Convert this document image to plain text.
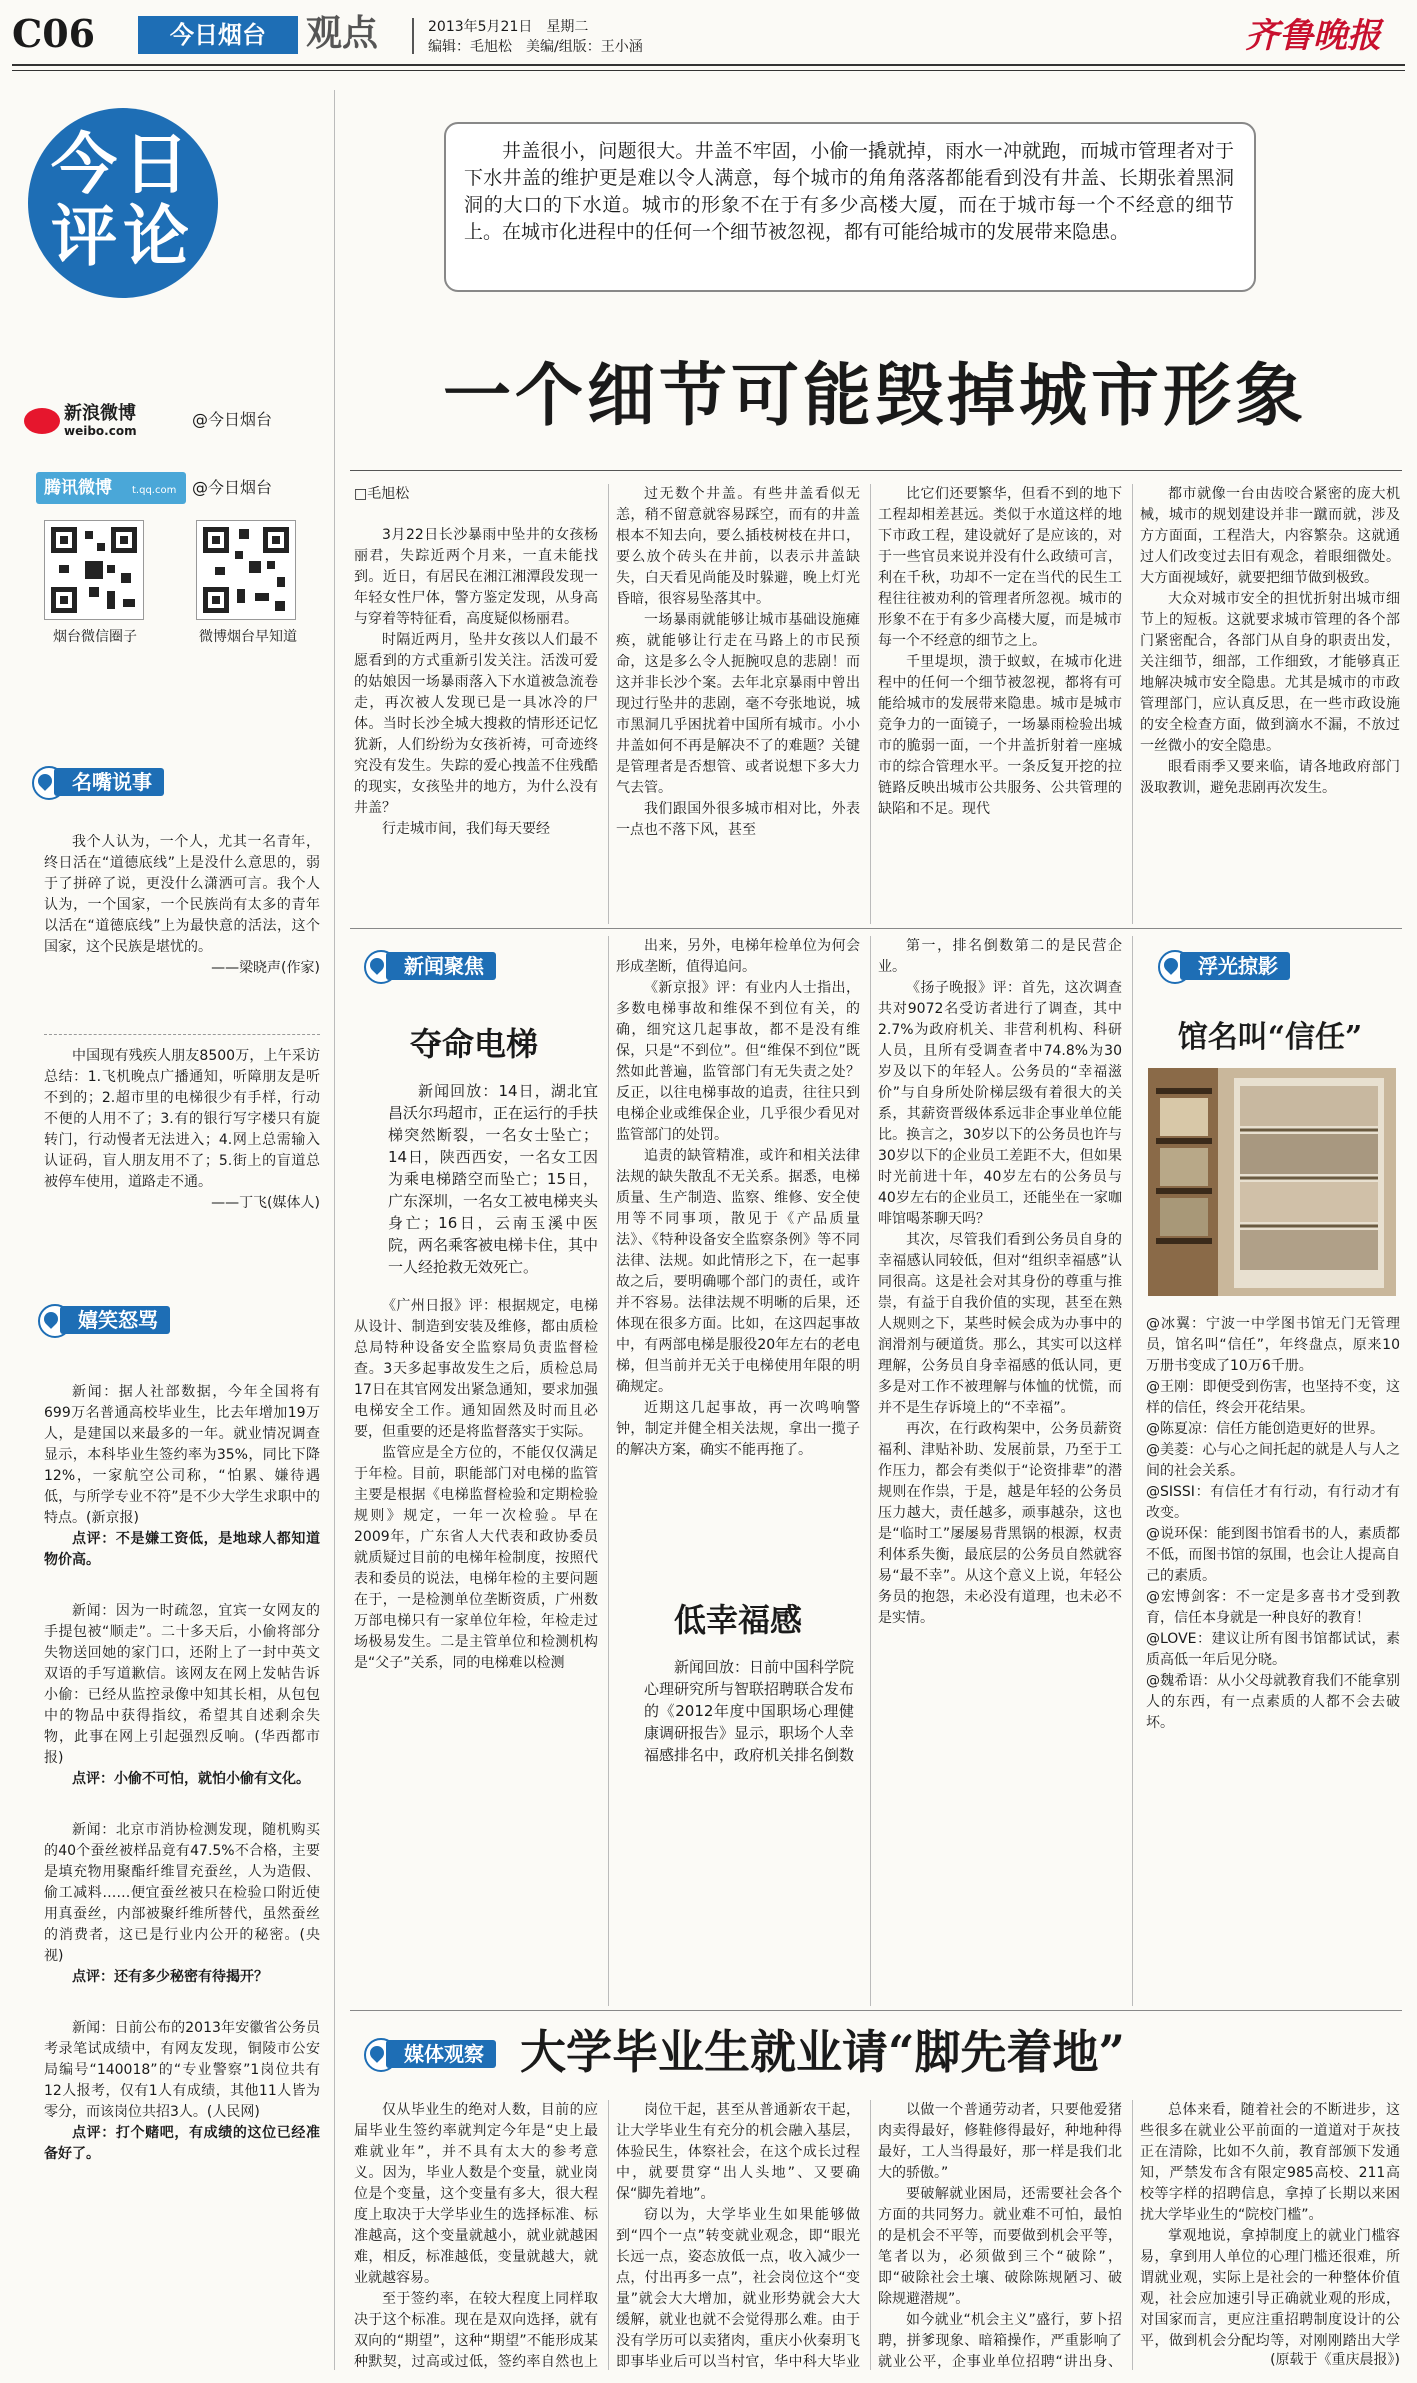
C06	今日烟台	观点	2013年5月21日　星期二
编辑：毛旭松　美编/组版：王小涵	齐鲁晚报
今日评论
新浪微博
weibo.com
@今日烟台
腾讯微博 t.qq.com @今日烟台
烟台微信圈子	微博烟台早知道
名嘴说事

我个人认为，一个人，尤其一名青年，终日活在“道德底线”上是没什么意思的，弱于了拼碎了说，更没什么潇洒可言。我个人认为，一个国家，一个民族尚有太多的青年以活在“道德底线”上为最快意的活法，这个国家，这个民族是堪忧的。

——梁晓声(作家)

中国现有残疾人朋友8500万，上午采访总结：1.飞机晚点广播通知，听障朋友是听不到的；2.超市里的电梯很少有手样，行动不便的人用不了；3.有的银行写字楼只有旋转门，行动慢者无法进入；4.网上总需输入认证码，盲人朋友用不了；5.街上的盲道总被停车使用，道路走不通。

——丁飞(媒体人)

嬉笑怒骂

新闻：据人社部数据，今年全国将有699万名普通高校毕业生，比去年增加19万人，是建国以来最多的一年。就业情况调查显示，本科毕业生签约率为35%，同比下降12%，一家航空公司称，“怕累、嫌待遇低，与所学专业不符”是不少大学生求职中的特点。(新京报)

点评：不是嫌工资低，是地球人都知道物价高。

新闻：因为一时疏忽，宜宾一女网友的手提包被“顺走”。二十多天后，小偷将部分失物送回她的家门口，还附上了一封中英文双语的手写道歉信。该网友在网上发帖告诉小偷：已经从监控录像中知其长相，从包包中的物品中获得指纹，希望其自述剩余失物，此事在网上引起强烈反响。(华西都市报)

点评：小偷不可怕，就怕小偷有文化。

新闻：北京市消协检测发现，随机购买的40个蚕丝被样品竟有47.5%不合格，主要是填充物用聚酯纤维冒充蚕丝，人为造假、偷工减料……便宜蚕丝被只在检验口附近使用真蚕丝，内部被聚纤维所替代，虽然蚕丝的消费者，这已是行业内公开的秘密。(央视)

点评：还有多少秘密有待揭开？

新闻：日前公布的2013年安徽省公务员考录笔试成绩中，有网友发现，铜陵市公安局编号“140018”的“专业警察”1岗位共有12人报考，仅有1人有成绩，其他11人皆为零分，而该岗位共招3人。(人民网)

点评：打个赌吧，有成绩的这位已经准备好了。

井盖很小，问题很大。井盖不牢固，小偷一撬就掉，雨水一冲就跑，而城市管理者对于下水井盖的维护更是难以令人满意，每个城市的角角落落都能看到没有井盖、长期张着黑洞洞的大口的下水道。城市的形象不在于有多少高楼大厦，而在于城市每一个不经意的细节上。在城市化进程中的任何一个细节被忽视，都有可能给城市的发展带来隐患。
一个细节可能毁掉城市形象

□毛旭松

3月22日长沙暴雨中坠井的女孩杨丽君，失踪近两个月来，一直未能找到。近日，有居民在湘江湘潭段发现一年轻女性尸体，警方鉴定发现，从身高与穿着等特征看，高度疑似杨丽君。

时隔近两月，坠井女孩以人们最不愿看到的方式重新引发关注。活泼可爱的姑娘因一场暴雨落入下水道被急流卷走，再次被人发现已是一具冰冷的尸体。当时长沙全城大搜救的情形还记忆犹新，人们纷纷为女孩祈祷，可奇迹终究没有发生。失踪的爱心拽盖不住残酷的现实，女孩坠井的地方，为什么没有井盖？

行走城市间，我们每天要经

过无数个井盖。有些井盖看似无恙，稍不留意就容易踩空，而有的井盖根本不知去向，要么插枝树枝在井口，要么放个砖头在井前，以表示井盖缺失，白天看见尚能及时躲避，晚上灯光昏暗，很容易坠落其中。

一场暴雨就能够让城市基础设施瘫痪，就能够让行走在马路上的市民预命，这是多么令人扼腕叹息的悲剧！而这并非长沙个案。去年北京暴雨中曾出现过行坠井的悲剧，毫不夸张地说，城市黑洞几乎困扰着中国所有城市。小小井盖如何不再是解决不了的难题？关键是管理者是否想管、或者说想下多大力气去管。

我们跟国外很多城市相对比，外表一点也不落下风，甚至

比它们还要繁华，但看不到的地下工程却相差甚远。类似于水道这样的地下市政工程，建设就好了是应该的，对于一些官员来说并没有什么政绩可言，利在千秋，功却不一定在当代的民生工程往往被劝利的管理者所忽视。城市的形象不在于有多少高楼大厦，而是城市每一个不经意的细节之上。

千里堤坝，溃于蚁蚁，在城市化进程中的任何一个细节被忽视，都将有可能给城市的发展带来隐患。城市是城市竞争力的一面镜子，一场暴雨检验出城市的脆弱一面，一个井盖折射着一座城市的综合管理水平。一条反复开挖的拉链路反映出城市公共服务、公共管理的缺陷和不足。现代

都市就像一台由齿咬合紧密的庞大机械，城市的规划建设并非一蹴而就，涉及方方面面，工程浩大，内容繁杂。这就通过人们改变过去旧有观念，着眼细微处。大方面视域好，就要把细节做到极致。

大众对城市安全的担忧折射出城市细节上的短板。这就要求城市管理的各个部门紧密配合，各部门从自身的职责出发，关注细节，细部，工作细致，才能够真正地解决城市安全隐患。尤其是城市的市政管理部门，应认真反思，在一些市政设施的安全检查方面，做到滴水不漏，不放过一丝微小的安全隐患。

眼看雨季又要来临，请各地政府部门汲取教训，避免悲剧再次发生。

新闻聚焦
夺命电梯

新闻回放：14日，湖北宜昌沃尔玛超市，正在运行的手扶梯突然断裂，一名女士坠亡；14日，陕西西安，一名女工因为乘电梯踏空而坠亡；15日，广东深圳，一名女工被电梯夹头身亡；16日，云南玉溪中医院，两名乘客被电梯卡住，其中一人经抢救无效死亡。

《广州日报》评：根据规定，电梯从设计、制造到安装及维修，都由质检总局特种设备安全监察局负责监督检查。3天多起事故发生之后，质检总局17日在其官网发出紧急通知，要求加强电梯安全工作。通知固然及时而且必要，但重要的还是将监督落实于实际。

监管应是全方位的，不能仅仅满足于年检。目前，职能部门对电梯的监管主要是根据《电梯监督检验和定期检验规则》规定，一年一次检验。早在2009年，广东省人大代表和政协委员就质疑过目前的电梯年检制度，按照代表和委员的说法，电梯年检的主要问题在于，一是检测单位垄断资质，广州数万部电梯只有一家单位年检，年检走过场极易发生。二是主管单位和检测机构是“父子”关系，同的电梯难以检测

出来，另外，电梯年检单位为何会形成垄断，值得追问。

《新京报》评：有业内人士指出，多数电梯事故和维保不到位有关，的确，细究这几起事故，都不是没有维保，只是“不到位”。但“维保不到位”既然如此普遍，监管部门有无失责之处？反正，以往电梯事故的追责，往往只到电梯企业或维保企业，几乎很少看见对监管部门的处罚。

追责的缺管精准，或许和相关法律法规的缺失散乱不无关系。据悉，电梯质量、生产制造、监察、维修、安全使用等不同事项，散见于《产品质量法》、《特种设备安全监察条例》等不同法律、法规。如此情形之下，在一起事故之后，要明确哪个部门的责任，或许并不容易。法律法规不明晰的后果，还体现在很多方面。比如，在这四起事故中，有两部电梯是服役20年左右的老电梯，但当前并无关于电梯使用年限的明确规定。

近期这几起事故，再一次鸣响警钟，制定并健全相关法规，拿出一揽子的解决方案，确实不能再拖了。

低幸福感

新闻回放：日前中国科学院心理研究所与智联招聘联合发布的《2012年度中国职场心理健康调研报告》显示，职场个人幸福感排名中，政府机关排名倒数

第一，排名倒数第二的是民营企业。

《扬子晚报》评：首先，这次调查共对9072名受访者进行了调查，其中2.7%为政府机关、非营利机构、科研人员，且所有受调查者中74.8%为30岁及以下的年轻人。公务员的“幸福滋价”与自身所处阶梯层级有着很大的关系，其薪资晋级体系远非企事业单位能比。换言之，30岁以下的公务员也许与30岁以下的企业员工差距不大，但如果时光前进十年，40岁左右的公务员与40岁左右的企业员工，还能坐在一家咖啡馆喝茶聊天吗？

其次，尽管我们看到公务员自身的幸福感认同较低，但对“组织幸福感”认同很高。这是社会对其身份的尊重与推崇，有益于自我价值的实现，甚至在熟人规则之下，某些时候会成为办事中的润滑剂与硬道货。那么，其实可以这样理解，公务员自身幸福感的低认同，更多是对工作不被理解与体恤的忧慌，而并不是生存诉境上的“不幸福”。

再次，在行政构架中，公务员薪资福利、津贴补助、发展前景，乃至于工作压力，都会有类似于“论资排辈”的潜规则在作祟，于是，越是年轻的公务员压力越大，责任越多，顽事越杂，这也是“临时工”屡屡易背黑锅的根源，权责利体系失衡，最底层的公务员自然就容易“最不幸”。从这个意义上说，年轻公务员的抱怨，未必没有道理，也未必不是实情。

浮光掠影
馆名叫“信任”

@冰翼：宁波一中学图书馆无门无管理员，馆名叫“信任”，年终盘点，原来10万册书变成了10万6千册。

@王刚：即便受到伤害，也坚持不变，这样的信任，终会开花结果。

@陈夏凉：信任方能创造更好的世界。

@美菱：心与心之间托起的就是人与人之间的社会关系。

@SISSI：有信任才有行动，有行动才有改变。

@说环保：能到图书馆看书的人，素质都不低，而图书馆的氛围，也会让人提高自己的素质。

@宏博剑客：不一定是多喜书才受到教育，信任本身就是一种良好的教育！

@LOVE：建议让所有图书馆都试试，素质高低一年后见分晓。

@魏希语：从小父母就教育我们不能拿别人的东西，有一点素质的人都不会去破坏。

媒体观察 大学毕业生就业请“脚先着地”

仅从毕业生的绝对人数，目前的应届毕业生签约率就判定今年是“史上最难就业年”，并不具有太大的参考意义。因为，毕业人数是个变量，就业岗位是个变量，这个变量有多大，很大程度上取决于大学毕业生的选择标准、标准越高，这个变量就越小，就业就越困难，相反，标准越低，变量就越大，就业就越容易。

至于签约率，在较大程度上同样取决于这个标准。现在是双向选择，就有双向的“期望”，这种“期望”不能形成某种默契，过高或过低，签约率自然也上

岗位干起，甚至从普通新农干起，让大学毕业生有充分的机会融入基层，体验民生，体察社会，在这个成长过程中，就要贯穿“出人头地”、又要确保“脚先着地”。

窃以为，大学毕业生如果能够做到“四个一点”转变就业观念，即“眼光长远一点，姿态放低一点，收入减少一点，付出再多一点”，社会岗位这个“变量”就会大大增加，就业形势就会大大缓解，就业也就不会觉得那么难。由于没有学历可以卖猪肉，重庆小伙秦玥飞即事毕业后可以当村官，华中科大毕业

以做一个普通劳动者，只要他爱猪肉卖得最好，修鞋修得最好，种地种得最好，工人当得最好，那一样是我们北大的骄傲。”

要破解就业困局，还需要社会各个方面的共同努力。就业难不可怕，最怕的是机会不平等，而要做到机会平等，笔者以为，必须做到三个“破除”，即“破除社会土壤、破除陈规陋习、破除规避潜规”。

如今就业“机会主义”盛行，萝卜招聘，拼爹现象、暗箱操作，严重影响了就业公平，企事业单位招聘“讲出身、

总体来看，随着社会的不断进步，这些很多在就业公平前面的一道道对于灰技正在清除，比如不久前，教育部颁下发通知，严禁发布含有限定985高校、211高校等字样的招聘信息，拿掉了长期以来困扰大学毕业生的“院校门槛”。

掌观地说，拿掉制度上的就业门槛容易，拿到用人单位的心理门槛还很难，所谓就业观，实际上是社会的一种整体价值观，社会应加速引导正确就业观的形成，对国家而言，更应注重招聘制度设计的公平，做到机会分配均等，对刚刚踏出大学

(原载于《重庆晨报》)
